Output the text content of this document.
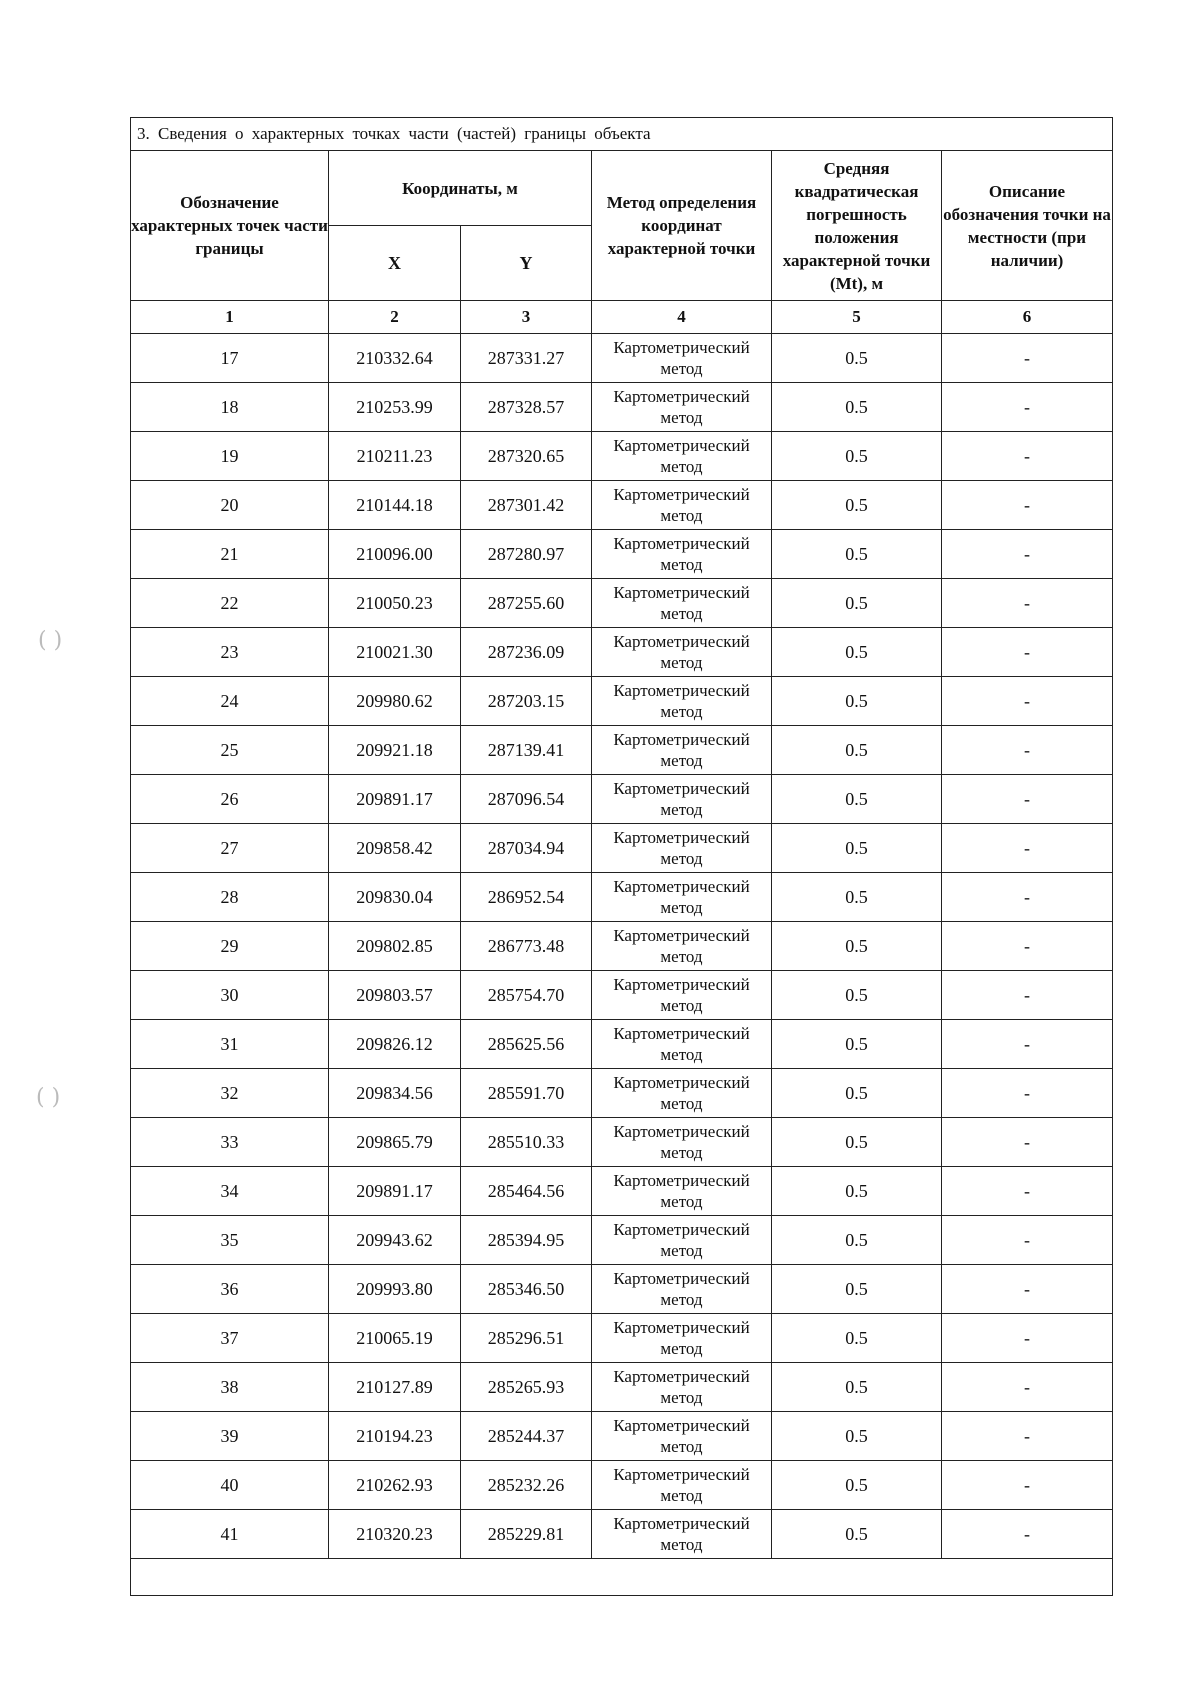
( )
( )
3. Сведения о характерных точках части (частей) границы объекта					
Обозначение характерных точек части границы	Координаты, м		Метод определения координат характерной точки	Средняя квадратическая погрешность положения характерной точки (Mt), м	Описание обозначения точки на местности (при наличии)
	X	Y			
1	2	3	4	5	6
17	210332.64	287331.27	Картометрический метод	0.5	-
18	210253.99	287328.57	Картометрический метод	0.5	-
19	210211.23	287320.65	Картометрический метод	0.5	-
20	210144.18	287301.42	Картометрический метод	0.5	-
21	210096.00	287280.97	Картометрический метод	0.5	-
22	210050.23	287255.60	Картометрический метод	0.5	-
23	210021.30	287236.09	Картометрический метод	0.5	-
24	209980.62	287203.15	Картометрический метод	0.5	-
25	209921.18	287139.41	Картометрический метод	0.5	-
26	209891.17	287096.54	Картометрический метод	0.5	-
27	209858.42	287034.94	Картометрический метод	0.5	-
28	209830.04	286952.54	Картометрический метод	0.5	-
29	209802.85	286773.48	Картометрический метод	0.5	-
30	209803.57	285754.70	Картометрический метод	0.5	-
31	209826.12	285625.56	Картометрический метод	0.5	-
32	209834.56	285591.70	Картометрический метод	0.5	-
33	209865.79	285510.33	Картометрический метод	0.5	-
34	209891.17	285464.56	Картометрический метод	0.5	-
35	209943.62	285394.95	Картометрический метод	0.5	-
36	209993.80	285346.50	Картометрический метод	0.5	-
37	210065.19	285296.51	Картометрический метод	0.5	-
38	210127.89	285265.93	Картометрический метод	0.5	-
39	210194.23	285244.37	Картометрический метод	0.5	-
40	210262.93	285232.26	Картометрический метод	0.5	-
41	210320.23	285229.81	Картометрический метод	0.5	-
